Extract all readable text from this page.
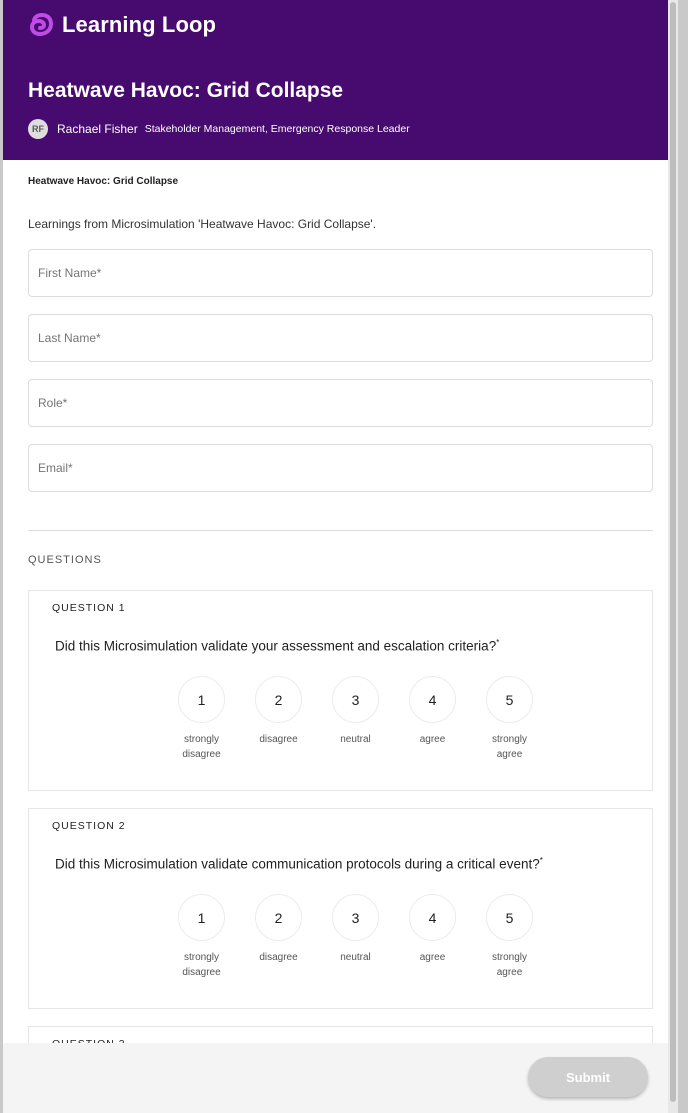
Learning Loop
Heatwave Havoc: Grid Collapse
RF	Rachael Fisher Stakeholder Management, Emergency Response Leader
Heatwave Havoc: Grid Collapse

Learnings from Microsimulation 'Heatwave Havoc: Grid Collapse'.

First Name*
Last Name*
Role*
Email*
QUESTIONS
QUESTION 1
Did this Microsimulation validate your assessment and escalation criteria?*
1
strongly disagree
2
disagree
3
neutral
4
agree
5
strongly agree
QUESTION 2
Did this Microsimulation validate communication protocols during a critical event?*
1
strongly disagree
2
disagree
3
neutral
4
agree
5
strongly agree
Submit
